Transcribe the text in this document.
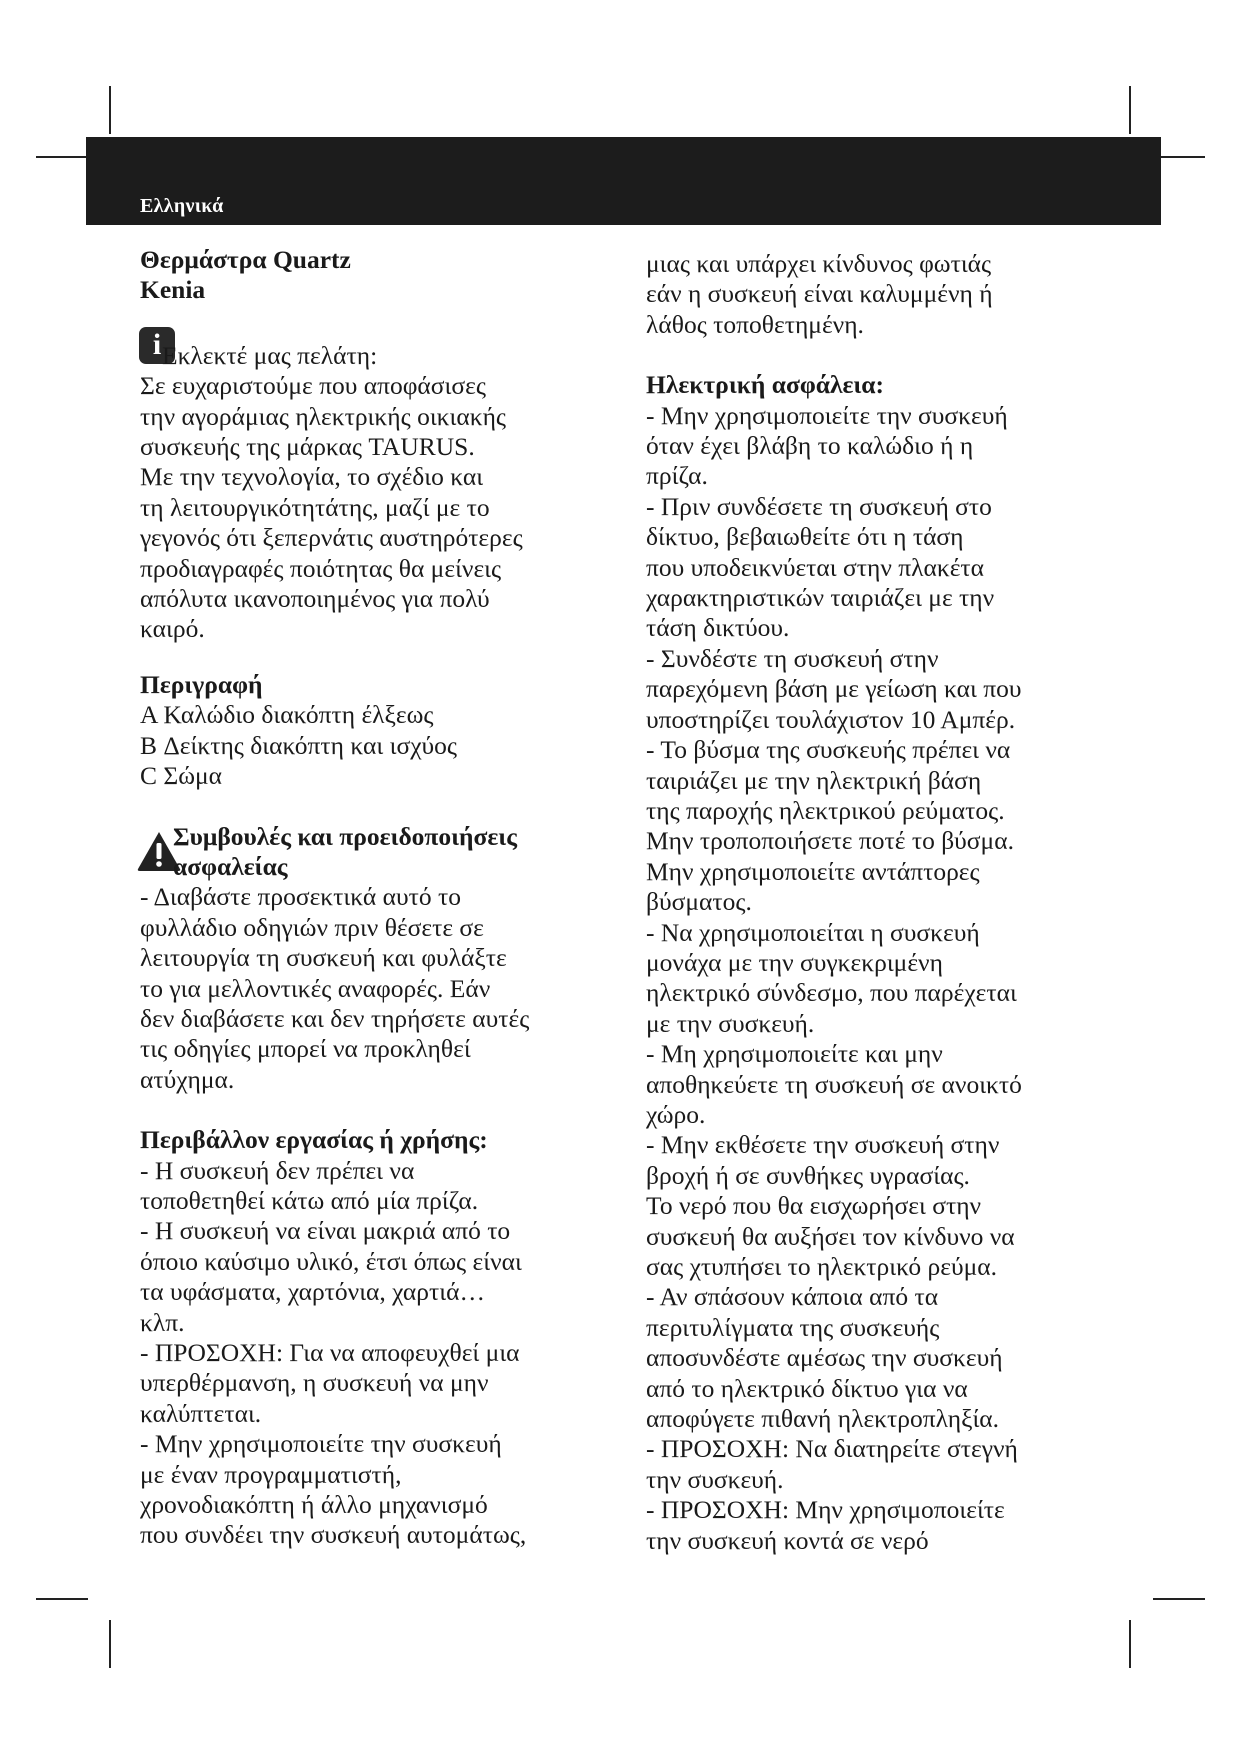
Ελληνικά
i
Θερμάστρα Quartz
Kenia
Εκλεκτέ μας πελάτη:
Σε ευχαριστούμε που αποφάσισες
την αγοράμιας ηλεκτρικής οικιακής
συσκευής της μάρκας TAURUS.
Με την τεχνολογία, το σχέδιο και
τη λειτουργικότητάτης, μαζί με το
γεγονός ότι ξεπερνάτις αυστηρότερες
προδιαγραφές ποιότητας θα μείνεις
απόλυτα ικανοποιημένος για πολύ
καιρό.
Περιγραφή
A Καλώδιο διακόπτη έλξεως
B Δείκτης διακόπτη και ισχύος
C Σώμα
Συμβουλές και προειδοποιήσεις
ασφαλείας
- Διαβάστε προσεκτικά αυτό το
φυλλάδιο οδηγιών πριν θέσετε σε
λειτουργία τη συσκευή και φυλάξτε
το για μελλοντικές αναφορές. Εάν
δεν διαβάσετε και δεν τηρήσετε αυτές
τις οδηγίες μπορεί να προκληθεί
ατύχημα.
Περιβάλλον εργασίας ή χρήσης:
- Η συσκευή δεν πρέπει να
τοποθετηθεί κάτω από μία πρίζα.
- Η συσκευή να είναι μακριά από το
όποιο καύσιμο υλικό, έτσι όπως είναι
τα υφάσματα, χαρτόνια, χαρτιά…
κλπ.
- ΠΡΟΣΟΧΗ: Για να αποφευχθεί μια
υπερθέρμανση, η συσκευή να μην
καλύπτεται.
- Μην χρησιμοποιείτε την συσκευή
με έναν προγραμματιστή,
χρονοδιακόπτη ή άλλο μηχανισμό
που συνδέει την συσκευή αυτομάτως,
μιας και υπάρχει κίνδυνος φωτιάς
εάν η συσκευή είναι καλυμμένη ή
λάθος τοποθετημένη.
Ηλεκτρική ασφάλεια:
- Μην χρησιμοποιείτε την συσκευή
όταν έχει βλάβη το καλώδιο ή η
πρίζα.
- Πριν συνδέσετε τη συσκευή στο
δίκτυο, βεβαιωθείτε ότι η τάση
που υποδεικνύεται στην πλακέτα
χαρακτηριστικών ταιριάζει με την
τάση δικτύου.
- Συνδέστε τη συσκευή στην
παρεχόμενη βάση με γείωση και που
υποστηρίζει τουλάχιστον 10 Αμπέρ.
- Το βύσμα της συσκευής πρέπει να
ταιριάζει με την ηλεκτρική βάση
της παροχής ηλεκτρικού ρεύματος.
Μην τροποποιήσετε ποτέ το βύσμα.
Μην χρησιμοποιείτε αντάπτορες
βύσματος.
- Να χρησιμοποιείται η συσκευή
μονάχα με την συγκεκριμένη
ηλεκτρικό σύνδεσμο, που παρέχεται
με την συσκευή.
- Μη χρησιμοποιείτε και μην
αποθηκεύετε τη συσκευή σε ανοικτό
χώρο.
- Μην εκθέσετε την συσκευή στην
βροχή ή σε συνθήκες υγρασίας.
Το νερό που θα εισχωρήσει στην
συσκευή θα αυξήσει τον κίνδυνο να
σας χτυπήσει το ηλεκτρικό ρεύμα.
- Αν σπάσουν κάποια από τα
περιτυλίγματα της συσκευής
αποσυνδέστε αμέσως την συσκευή
από το ηλεκτρικό δίκτυο για να
αποφύγετε πιθανή ηλεκτροπληξία.
- ΠΡΟΣΟΧΗ: Να διατηρείτε στεγνή
την συσκευή.
- ΠΡΟΣΟΧΗ: Μην χρησιμοποιείτε
την συσκευή κοντά σε νερό
